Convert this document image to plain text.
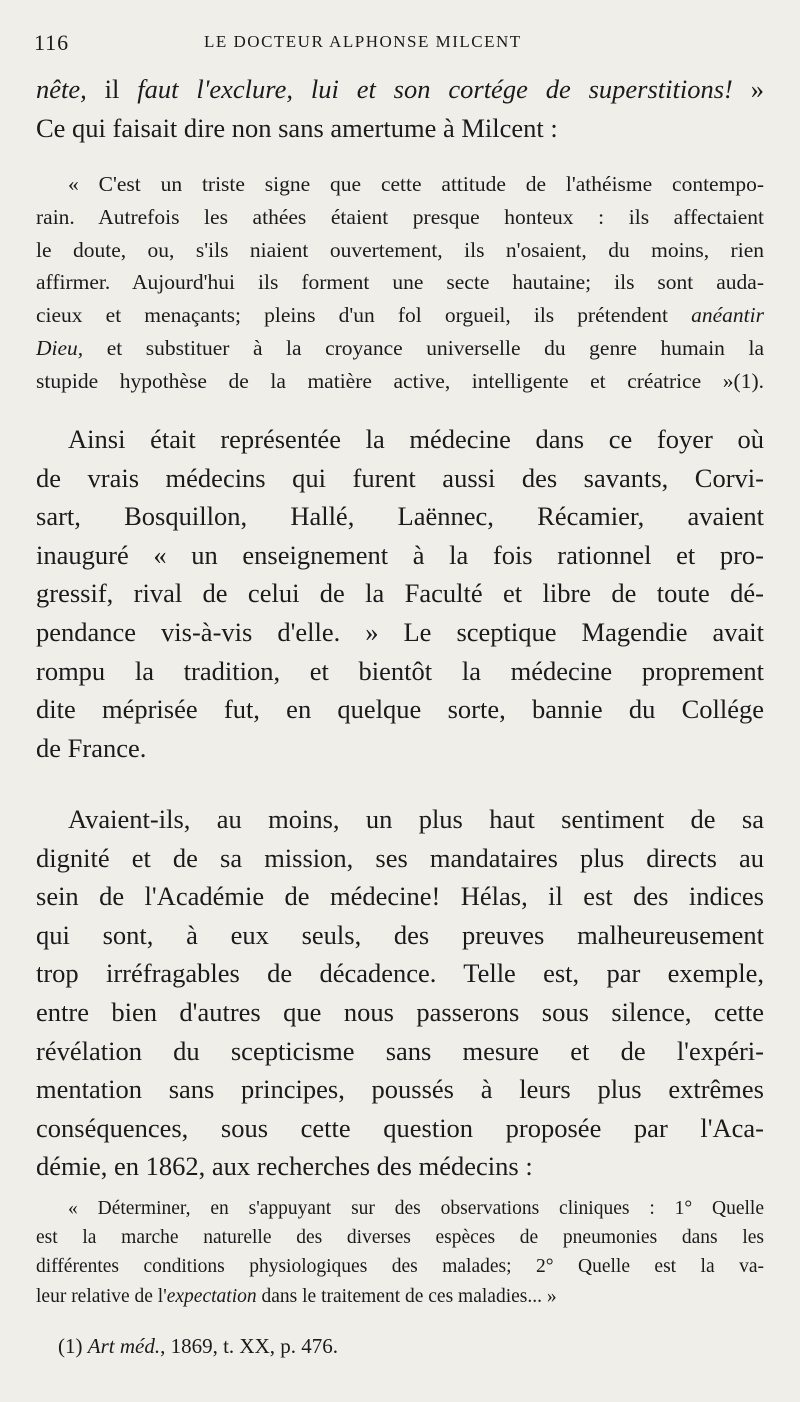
116	LE DOCTEUR ALPHONSE MILCENT
nête, il faut l'exclure, lui et son cortége de superstitions! »
Ce qui faisait dire non sans amertume à Milcent :
« C'est un triste signe que cette attitude de l'athéisme contempo-
rain. Autrefois les athées étaient presque honteux : ils affectaient
le doute, ou, s'ils niaient ouvertement, ils n'osaient, du moins, rien
affirmer. Aujourd'hui ils forment une secte hautaine; ils sont auda-
cieux et menaçants; pleins d'un fol orgueil, ils prétendent anéantir
Dieu, et substituer à la croyance universelle du genre humain la
stupide hypothèse de la matière active, intelligente et créatrice »(1).
Ainsi était représentée la médecine dans ce foyer où
de vrais médecins qui furent aussi des savants, Corvi-
sart, Bosquillon, Hallé, Laënnec, Récamier, avaient
inauguré « un enseignement à la fois rationnel et pro-
gressif, rival de celui de la Faculté et libre de toute dé-
pendance vis-à-vis d'elle. » Le sceptique Magendie avait
rompu la tradition, et bientôt la médecine proprement
dite méprisée fut, en quelque sorte, bannie du Collége
de France.
Avaient-ils, au moins, un plus haut sentiment de sa
dignité et de sa mission, ses mandataires plus directs au
sein de l'Académie de médecine! Hélas, il est des indices
qui sont, à eux seuls, des preuves malheureusement
trop irréfragables de décadence. Telle est, par exemple,
entre bien d'autres que nous passerons sous silence, cette
révélation du scepticisme sans mesure et de l'expéri-
mentation sans principes, poussés à leurs plus extrêmes
conséquences, sous cette question proposée par l'Aca-
démie, en 1862, aux recherches des médecins :
« Déterminer, en s'appuyant sur des observations cliniques : 1° Quelle
est la marche naturelle des diverses espèces de pneumonies dans les
différentes conditions physiologiques des malades; 2° Quelle est la va-
leur relative de l'expectation dans le traitement de ces maladies... »
(1) Art méd., 1869, t. XX, p. 476.
